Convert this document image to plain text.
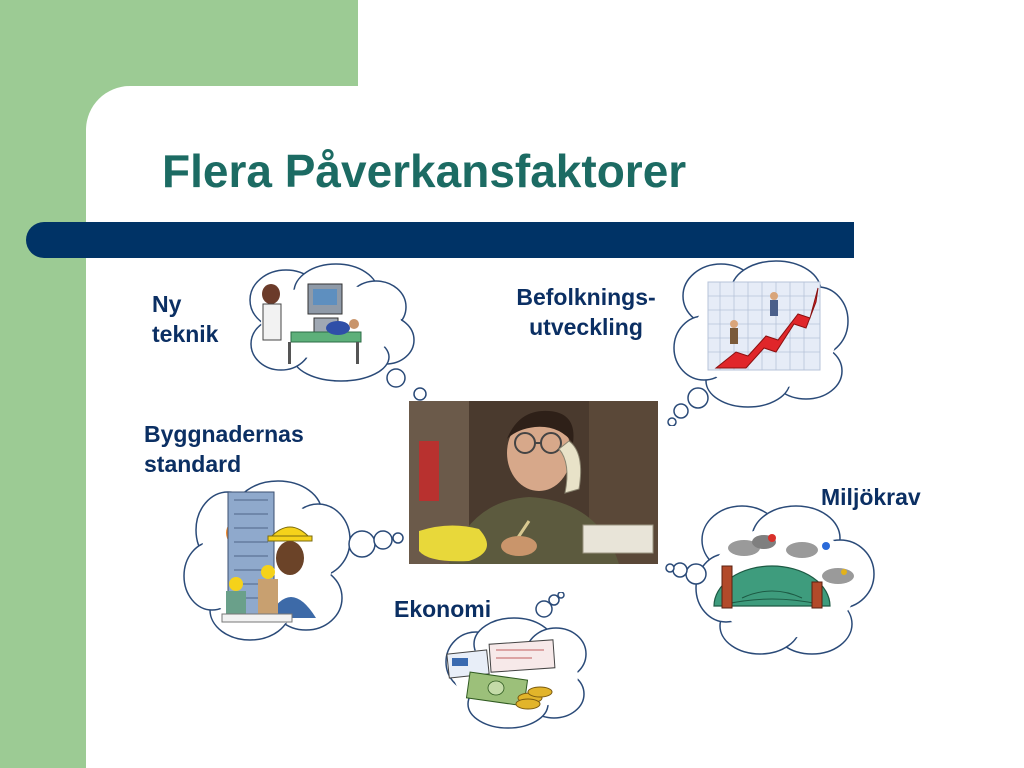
Flera Påverkansfaktorer
Ny
teknik
Befolknings-
utveckling
Byggnadernas
standard
Miljökrav
Ekonomi
